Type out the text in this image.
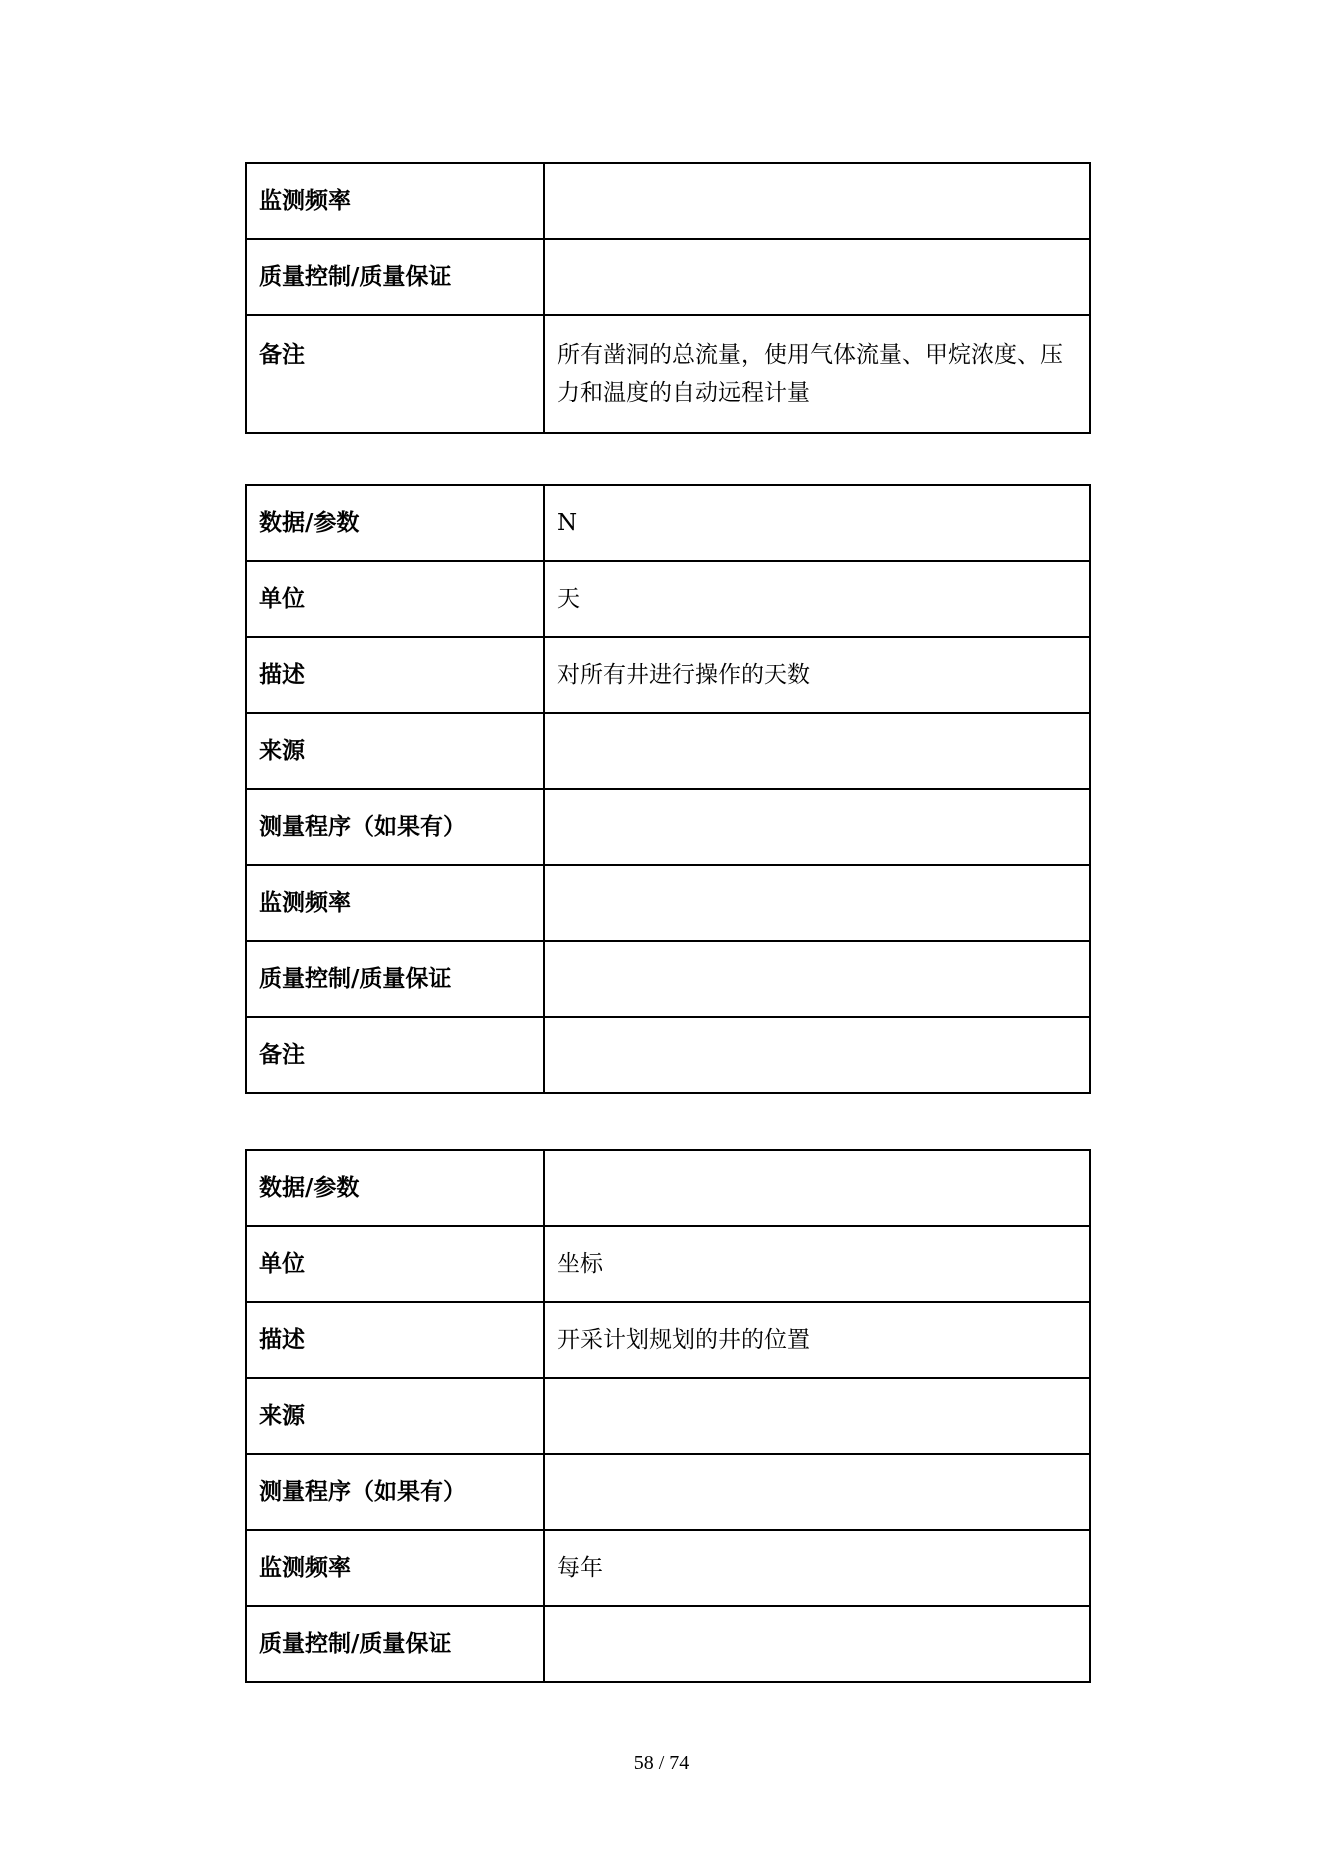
监测频率	
质量控制/质量保证	
备注	所有凿洞的总流量，使用气体流量、甲烷浓度、压力和温度的自动远程计量
数据/参数	N
单位	天
描述	对所有井进行操作的天数
来源	
测量程序（如果有）	
监测频率	
质量控制/质量保证	
备注	
数据/参数	
单位	坐标
描述	开采计划规划的井的位置
来源	
测量程序（如果有）	
监测频率	每年
质量控制/质量保证	
58 / 74
